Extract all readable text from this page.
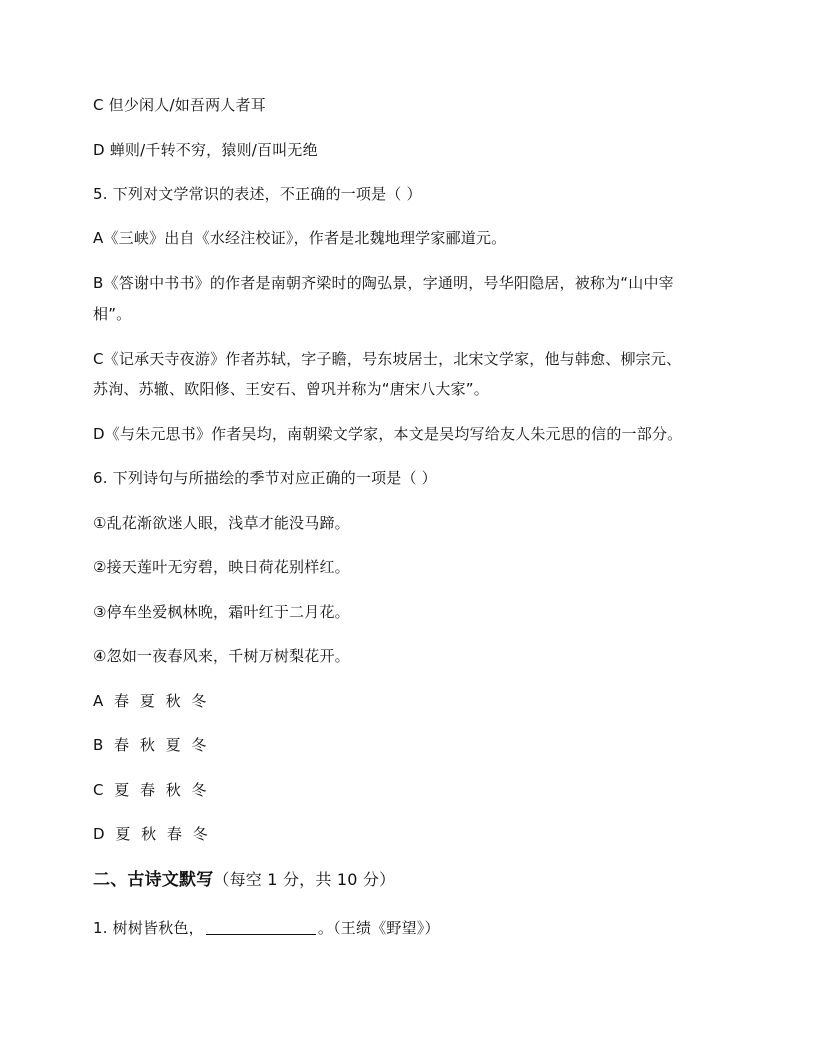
C 但少闲人/如吾两人者耳
D 蝉则/千转不穷，猿则/百叫无绝
5. 下列对文学常识的表述，不正确的一项是（ ）
A《三峡》出自《水经注校证》，作者是北魏地理学家郦道元。
B《答谢中书书》的作者是南朝齐梁时的陶弘景，字通明，号华阳隐居，被称为“山中宰
相”。
C《记承天寺夜游》作者苏轼，字子瞻，号东坡居士，北宋文学家，他与韩愈、柳宗元、
苏洵、苏辙、欧阳修、王安石、曾巩并称为“唐宋八大家”。
D《与朱元思书》作者吴均，南朝梁文学家，本文是吴均写给友人朱元思的信的一部分。
6. 下列诗句与所描绘的季节对应正确的一项是（ ）
①乱花渐欲迷人眼，浅草才能没马蹄。
②接天莲叶无穷碧，映日荷花别样红。
③停车坐爱枫林晚，霜叶红于二月花。
④忽如一夜春风来，千树万树梨花开。
A 春 夏 秋 冬
B 春 秋 夏 冬
C 夏 春 秋 冬
D 夏 秋 春 冬
二、古诗文默写（每空 1 分，共 10 分）
1. 树树皆秋色，	。（王绩《野望》）
